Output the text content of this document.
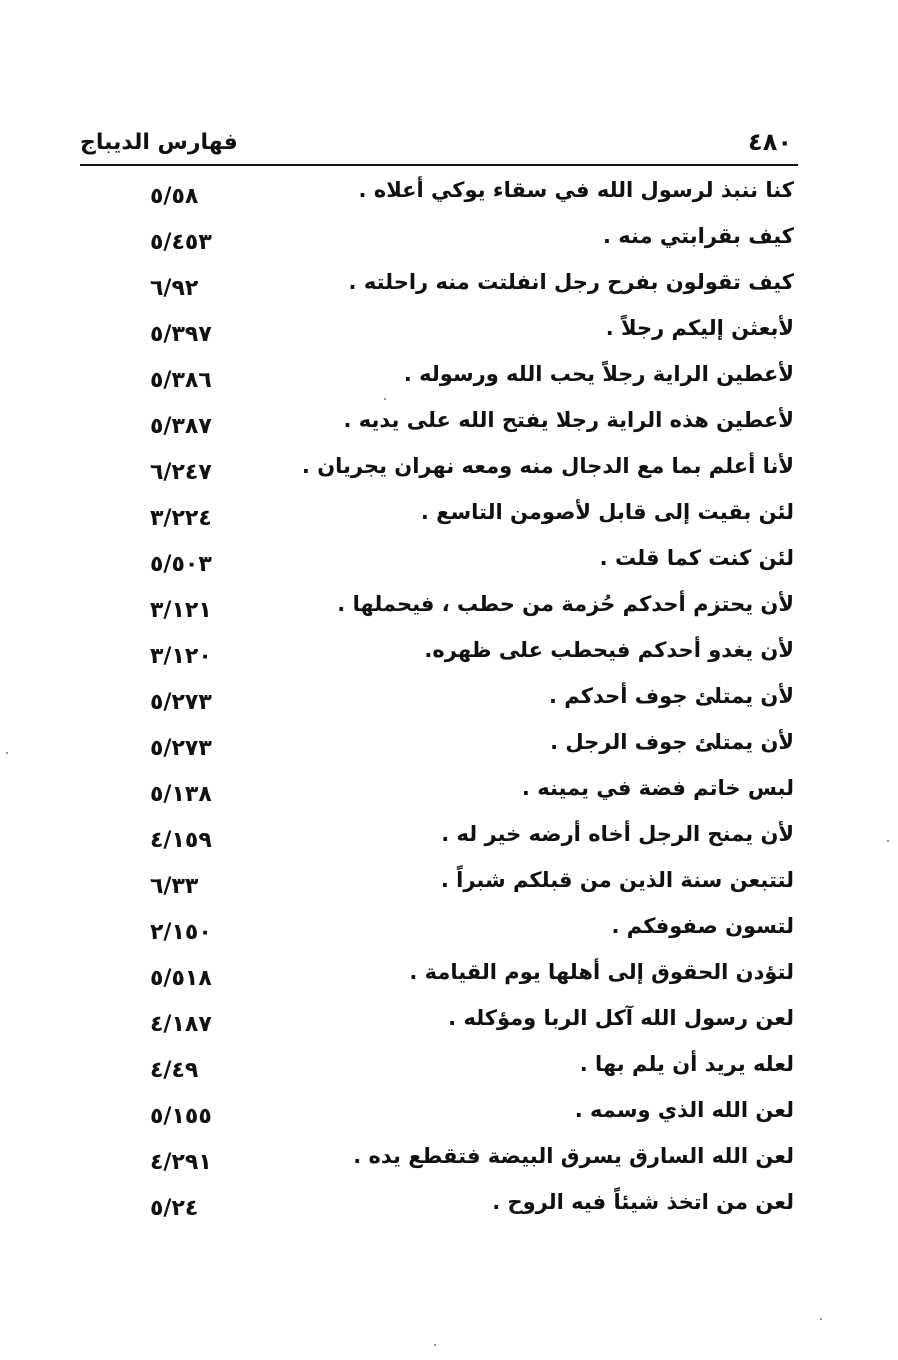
فهارس الديباج	٤٨٠
كنا ننبذ لرسول الله في سقاء يوكي أعلاه .
٥/٥٨
كيف بقرابتي منه .
٥/٤٥٣
كيف تقولون بفرح رجل انفلتت منه راحلته .
٦/٩٢
لأبعثن إليكم رجلاً .
٥/٣٩٧
لأعطين الراية رجلاً يحب الله ورسوله .
٥/٣٨٦
لأعطين هذه الراية رجلا يفتح الله على يديه .
٥/٣٨٧
لأنا أعلم بما مع الدجال منه ومعه نهران يجريان .
٦/٢٤٧
لئن بقيت إلى قابل لأصومن التاسع .
٣/٢٢٤
لئن كنت كما قلت .
٥/٥٠٣
لأن يحتزم أحدكم حُزمة من حطب ، فيحملها .
٣/١٢١
لأن يغدو أحدكم فيحطب على ظهره.
٣/١٢٠
لأن يمتلئ جوف أحدكم .
٥/٢٧٣
لأن يمتلئ جوف الرجل .
٥/٢٧٣
لبس خاتم فضة في يمينه .
٥/١٣٨
لأن يمنح الرجل أخاه أرضه خير له .
٤/١٥٩
لتتبعن سنة الذين من قبلكم شبراً .
٦/٣٣
لتسون صفوفكم .
٢/١٥٠
لتؤدن الحقوق إلى أهلها يوم القيامة .
٥/٥١٨
لعن رسول الله آكل الربا ومؤكله .
٤/١٨٧
لعله يريد أن يلم بها .
٤/٤٩
لعن الله الذي وسمه .
٥/١٥٥
لعن الله السارق يسرق البيضة فتقطع يده .
٤/٢٩١
لعن من اتخذ شيئاً فيه الروح .
٥/٢٤
